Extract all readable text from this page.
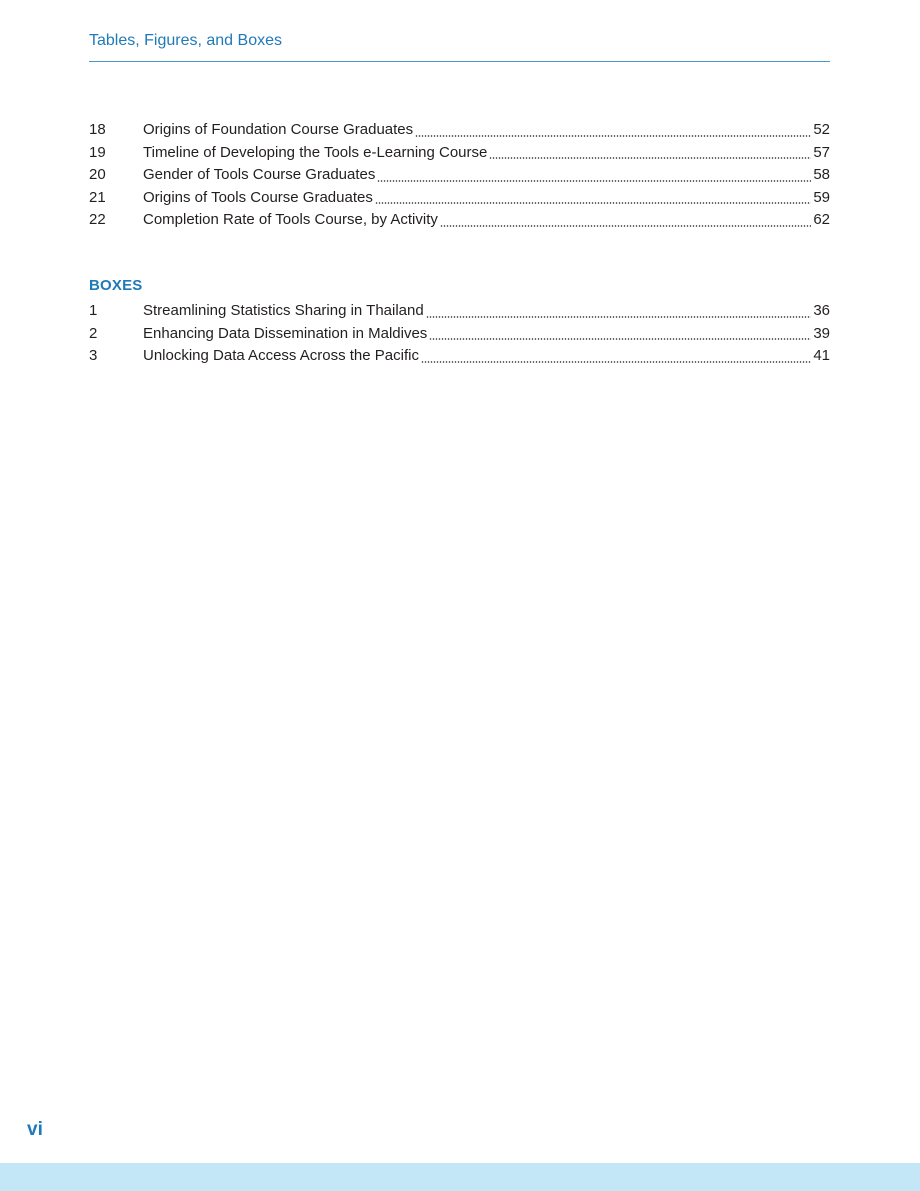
Tables, Figures, and Boxes
18	Origins of Foundation Course Graduates	52
19	Timeline of Developing the Tools e-Learning Course	57
20	Gender of Tools Course Graduates	58
21	Origins of Tools Course Graduates	59
22	Completion Rate of Tools Course, by Activity	62
BOXES
1	Streamlining Statistics Sharing in Thailand	36
2	Enhancing Data Dissemination in Maldives	39
3	Unlocking Data Access Across the Pacific	41
vi
